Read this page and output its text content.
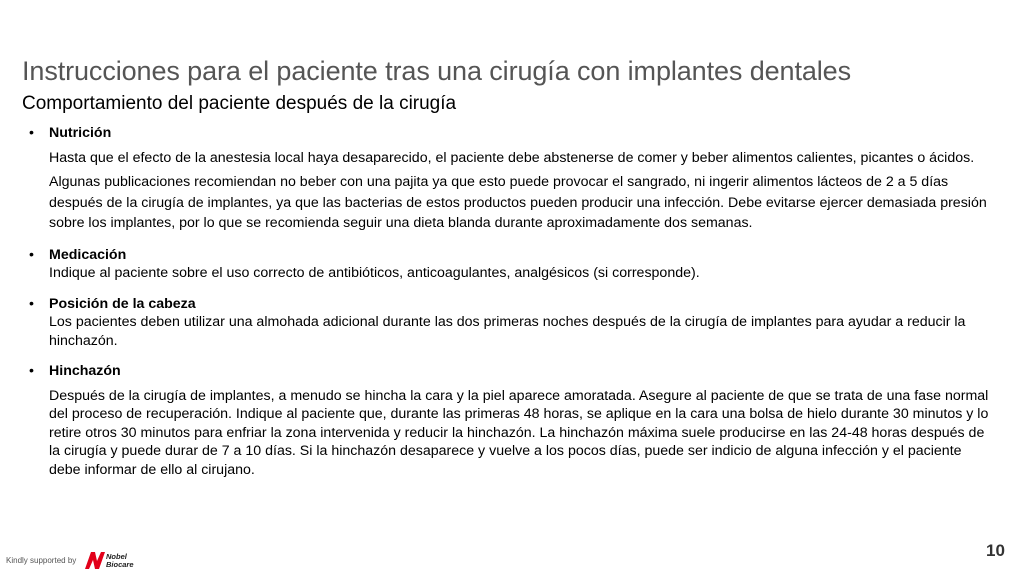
Instrucciones para el paciente tras una cirugía con implantes dentales
Comportamiento del paciente después de la cirugía
• Nutrición

Hasta que el efecto de la anestesia local haya desaparecido, el paciente debe abstenerse de comer y beber alimentos calientes, picantes o ácidos.

Algunas publicaciones recomiendan no beber con una pajita ya que esto puede provocar el sangrado, ni ingerir alimentos lácteos de 2 a 5 días después de la cirugía de implantes, ya que las bacterias de estos productos pueden producir una infección. Debe evitarse ejercer demasiada presión sobre los implantes, por lo que se recomienda seguir una dieta blanda durante aproximadamente dos semanas.

• Medicación

Indique al paciente sobre el uso correcto de antibióticos, anticoagulantes, analgésicos (si corresponde).

• Posición de la cabeza

Los pacientes deben utilizar una almohada adicional durante las dos primeras noches después de la cirugía de implantes para ayudar a reducir la hinchazón.

• Hinchazón

Después de la cirugía de implantes, a menudo se hincha la cara y la piel aparece amoratada. Asegure al paciente de que se trata de una fase normal del proceso de recuperación. Indique al paciente que, durante las primeras 48 horas, se aplique en la cara una bolsa de hielo durante 30 minutos y lo retire otros 30 minutos para enfriar la zona intervenida y reducir la hinchazón. La hinchazón máxima suele producirse en las 24-48 horas después de la cirugía y puede durar de 7 a 10 días. Si la hinchazón desaparece y vuelve a los pocos días, puede ser indicio de alguna infección y el paciente debe informar de ello al cirujano.

Kindly supported by	Nobel
Biocare
10
